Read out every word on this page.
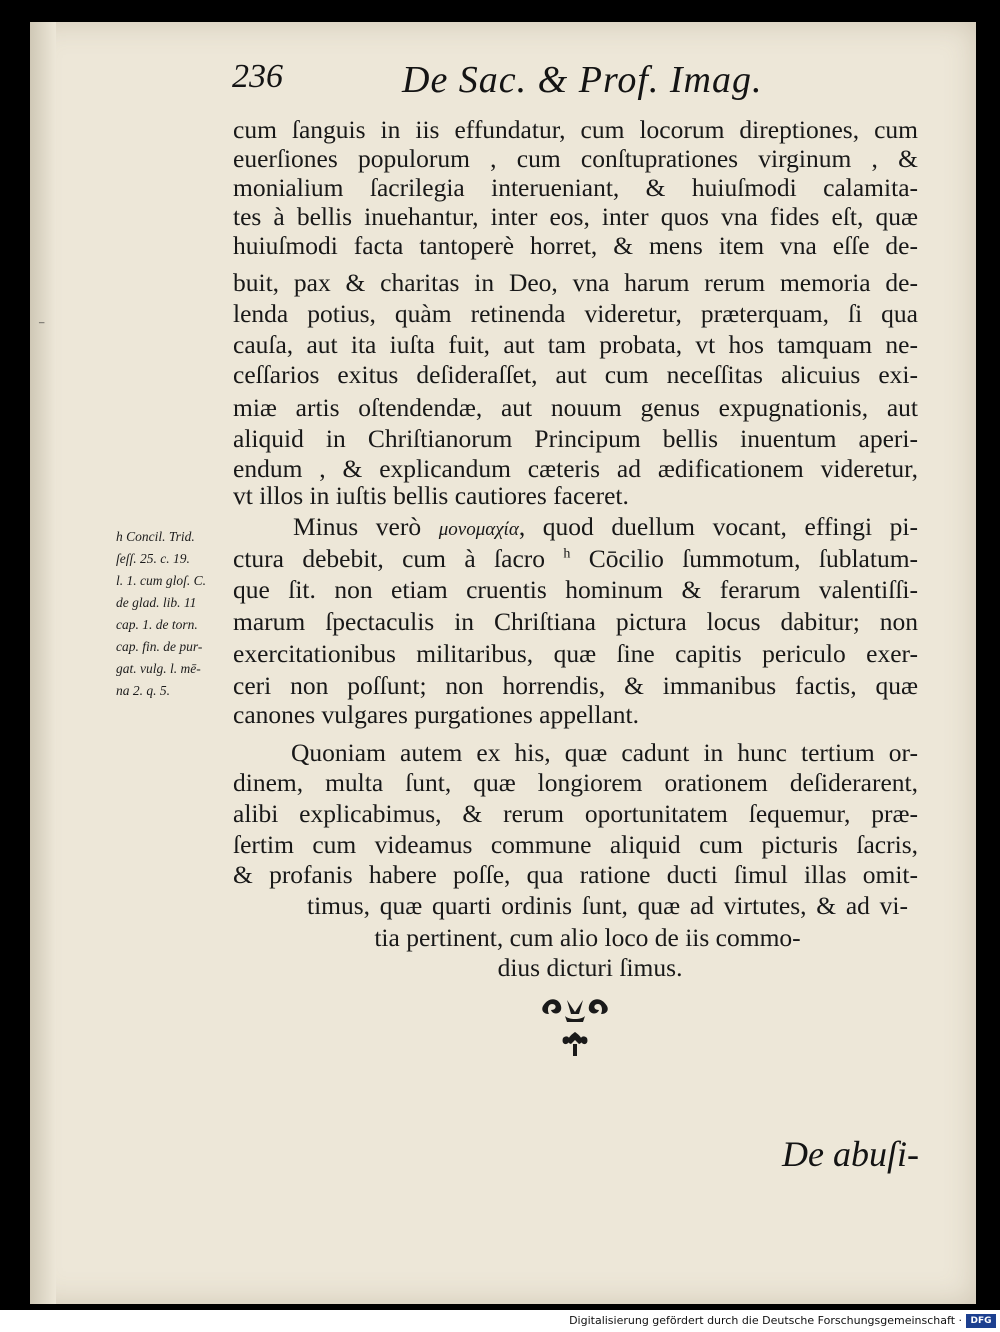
⁻
236	De Sac. & Prof. Imag.
cum ſanguis in iis effundatur, cum locorum direptiones, cum
euerſiones populorum , cum conſtuprationes virginum , &
monialium ſacrilegia interueniant, & huiuſmodi calamita-
tes à bellis inuehantur, inter eos, inter quos vna fides eſt, quæ
huiuſmodi facta tantoperè horret, & mens item vna eſſe de-
buit, pax & charitas in Deo, vna harum rerum memoria de-
lenda potius, quàm retinenda videretur, præterquam, ſi qua
cauſa, aut ita iuſta fuit, aut tam probata, vt hos tamquam ne-
ceſſarios exitus deſideraſſet, aut cum neceſſitas alicuius exi-
miæ artis oſtendendæ, aut nouum genus expugnationis, aut
aliquid in Chriſtianorum Principum bellis inuentum aperi-
endum , & explicandum cæteris ad ædificationem videretur,
vt illos in iuſtis bellis cautiores faceret.
Minus verò μονομαχία, quod duellum vocant, effingi pi-
ctura debebit, cum à ſacro $^h$ Cōcilio ſummotum, ſublatum-
que ſit. non etiam cruentis hominum & ferarum valentiſſi-
marum ſpectaculis in Chriſtiana pictura locus dabitur; non
exercitationibus militaribus, quæ ſine capitis periculo exer-
ceri non poſſunt; non horrendis, & immanibus factis, quæ
canones vulgares purgationes appellant.
Quoniam autem ex his, quæ cadunt in hunc tertium or-
dinem, multa ſunt, quæ longiorem orationem deſiderarent,
alibi explicabimus, & rerum oportunitatem ſequemur, præ-
ſertim cum videamus commune aliquid cum picturis ſacris,
& profanis habere poſſe, qua ratione ducti ſimul illas omit-
timus, quæ quarti ordinis ſunt, quæ ad virtutes, & ad vi-
tia pertinent, cum alio loco de iis commo-
dius dicturi ſimus.
h Concil. Trid.
ſeſſ. 25. c. 19.
l. 1. cum gloſ. C.
de glad. lib. 11
cap. 1. de torn.
cap. fin. de pur-
gat. vulg. l. mē-
na 2. q. 5.
De abuſi-
Digitalisierung gefördert durch die Deutsche Forschungsgemeinschaft · DFG
